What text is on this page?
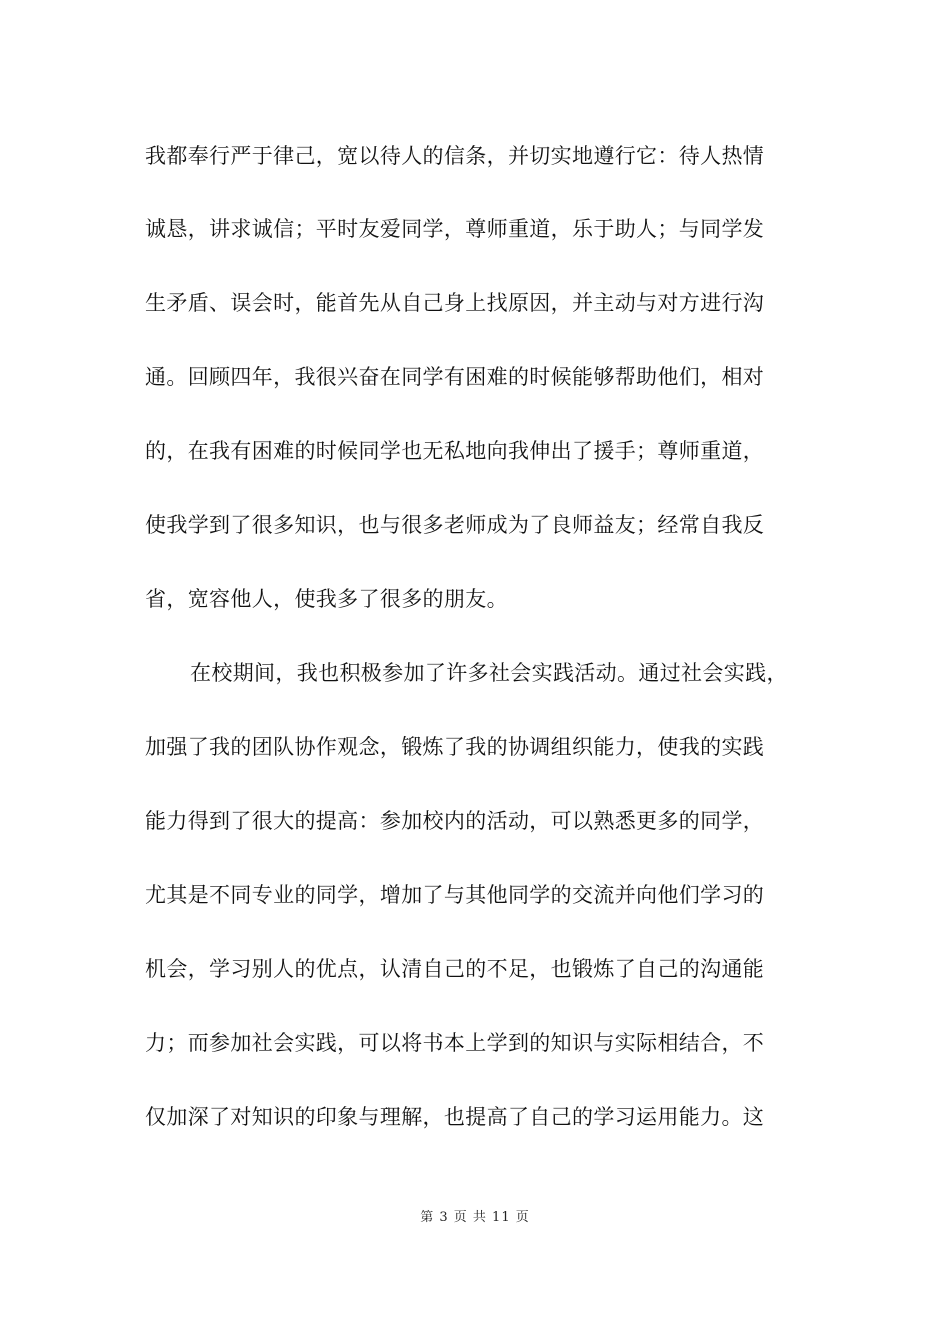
我都奉行严于律己，宽以待人的信条，并切实地遵行它：待人热情
诚恳，讲求诚信；平时友爱同学，尊师重道，乐于助人；与同学发
生矛盾、误会时，能首先从自己身上找原因，并主动与对方进行沟
通。回顾四年，我很兴奋在同学有困难的时候能够帮助他们，相对
的，在我有困难的时候同学也无私地向我伸出了援手；尊师重道，
使我学到了很多知识，也与很多老师成为了良师益友；经常自我反
省，宽容他人，使我多了很多的朋友。
在校期间，我也积极参加了许多社会实践活动。通过社会实践，
加强了我的团队协作观念，锻炼了我的协调组织能力，使我的实践
能力得到了很大的提高：参加校内的活动，可以熟悉更多的同学，
尤其是不同专业的同学，增加了与其他同学的交流并向他们学习的
机会，学习别人的优点，认清自己的不足，也锻炼了自己的沟通能
力；而参加社会实践，可以将书本上学到的知识与实际相结合，不
仅加深了对知识的印象与理解，也提高了自己的学习运用能力。这
第 3 页 共 11 页
